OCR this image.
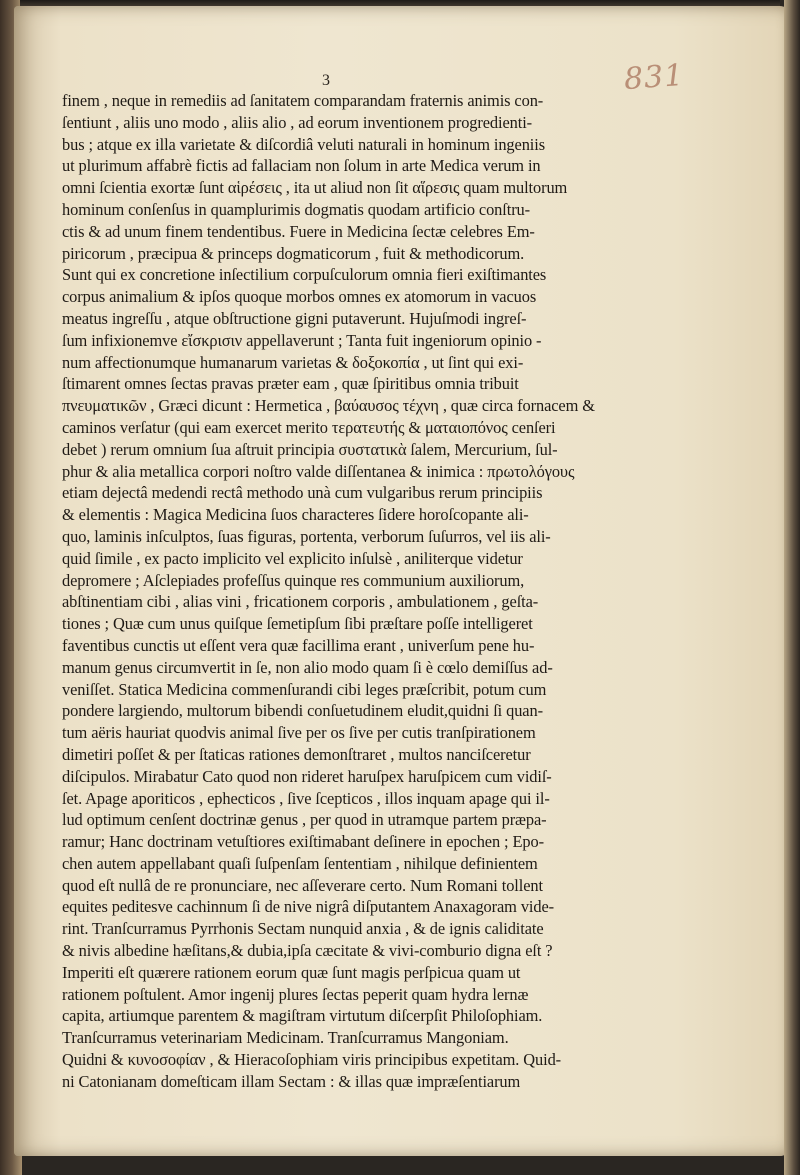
3	831
finem , neque in remediis ad ſanitatem comparandam fraternis animis con-
ſentiunt , aliis uno modo , aliis alio , ad eorum inventionem progredienti-
bus ; atque ex illa varietate & diſcordiâ veluti naturali in hominum ingeniis
ut plurimum affabrè fictis ad fallaciam non ſolum in arte Medica verum in
omni ſcientia exortæ ſunt αἱρέσεις , ita ut aliud non ſit αἵρεσις quam multorum
hominum conſenſus in quamplurimis dogmatis quodam artificio conſtru-
ctis & ad unum finem tendentibus. Fuere in Medicina ſectæ celebres Em-
piricorum , præcipua & princeps dogmaticorum , fuit & methodicorum.
Sunt qui ex concretione inſectilium corpuſculorum omnia fieri exiſtimantes
corpus animalium & ipſos quoque morbos omnes ex atomorum in vacuos
meatus ingreſſu , atque obſtructione gigni putaverunt. Hujuſmodi ingreſ-
ſum infixionemve εἴσκρισιν appellaverunt ; Tanta fuit ingeniorum opinio -
num affectionumque humanarum varietas & δοξοκοπία , ut ſint qui exi-
ſtimarent omnes ſectas pravas præter eam , quæ ſpiritibus omnia tribuit
πνευματικῶν , Græci dicunt : Hermetica , βαύαυσος τέχνη , quæ circa fornacem &
caminos verſatur (qui eam exercet merito τερατευτής & ματαιοπόνος cenſeri
debet ) rerum omnium ſua aſtruit principia συστατικὰ ſalem, Mercurium, ſul-
phur & alia metallica corpori noſtro valde diſſentanea & inimica : πρωτολόγους
etiam dejectâ medendi rectâ methodo unà cum vulgaribus rerum principiis
& elementis : Magica Medicina ſuos characteres ſidere horoſcopante ali-
quo, laminis inſculptos, ſuas figuras, portenta, verborum ſuſurros, vel iis ali-
quid ſimile , ex pacto implicito vel explicito inſulsè , aniliterque videtur
depromere ; Aſclepiades profeſſus quinque res communium auxiliorum,
abſtinentiam cibi , alias vini , fricationem corporis , ambulationem , geſta-
tiones ; Quæ cum unus quiſque ſemetipſum ſibi præſtare poſſe intelligeret
faventibus cunctis ut eſſent vera quæ facillima erant , univerſum pene hu-
manum genus circumvertit in ſe, non alio modo quam ſi è cœlo demiſſus ad-
veniſſet. Statica Medicina commenſurandi cibi leges præſcribit, potum cum
pondere largiendo, multorum bibendi conſuetudinem eludit,quidni ſi quan-
tum aëris hauriat quodvis animal ſive per os ſive per cutis tranſpirationem
dimetiri poſſet & per ſtaticas rationes demonſtraret , multos nanciſceretur
diſcipulos. Mirabatur Cato quod non rideret haruſpex haruſpicem cum vidiſ-
ſet. Apage aporiticos , ephecticos , ſive ſcepticos , illos inquam apage qui il-
lud optimum cenſent doctrinæ genus , per quod in utramque partem præpa-
ramur; Hanc doctrinam vetuſtiores exiſtimabant deſinere in epochen ; Epo-
chen autem appellabant quaſi ſuſpenſam ſententiam , nihilque definientem
quod eſt nullâ de re pronunciare, nec aſſeverare certo. Num Romani tollent
equites peditesve cachinnum ſi de nive nigrâ diſputantem Anaxagoram vide-
rint. Tranſcurramus Pyrrhonis Sectam nunquid anxia , & de ignis caliditate
& nivis albedine hæſitans,& dubia,ipſa cæcitate & vivi-comburio digna eſt ?
Imperiti eſt quærere rationem eorum quæ ſunt magis perſpicua quam ut
rationem poſtulent. Amor ingenij plures ſectas peperit quam hydra lernæ
capita, artiumque parentem & magiſtram virtutum diſcerpſit Philoſophiam.
Tranſcurramus veterinariam Medicinam. Tranſcurramus Mangoniam.
Quidni & κυνοσοφίαν , & Hieracoſophiam viris principibus expetitam. Quid-
ni Catonianam domeſticam illam Sectam : & illas quæ impræſentiarum
